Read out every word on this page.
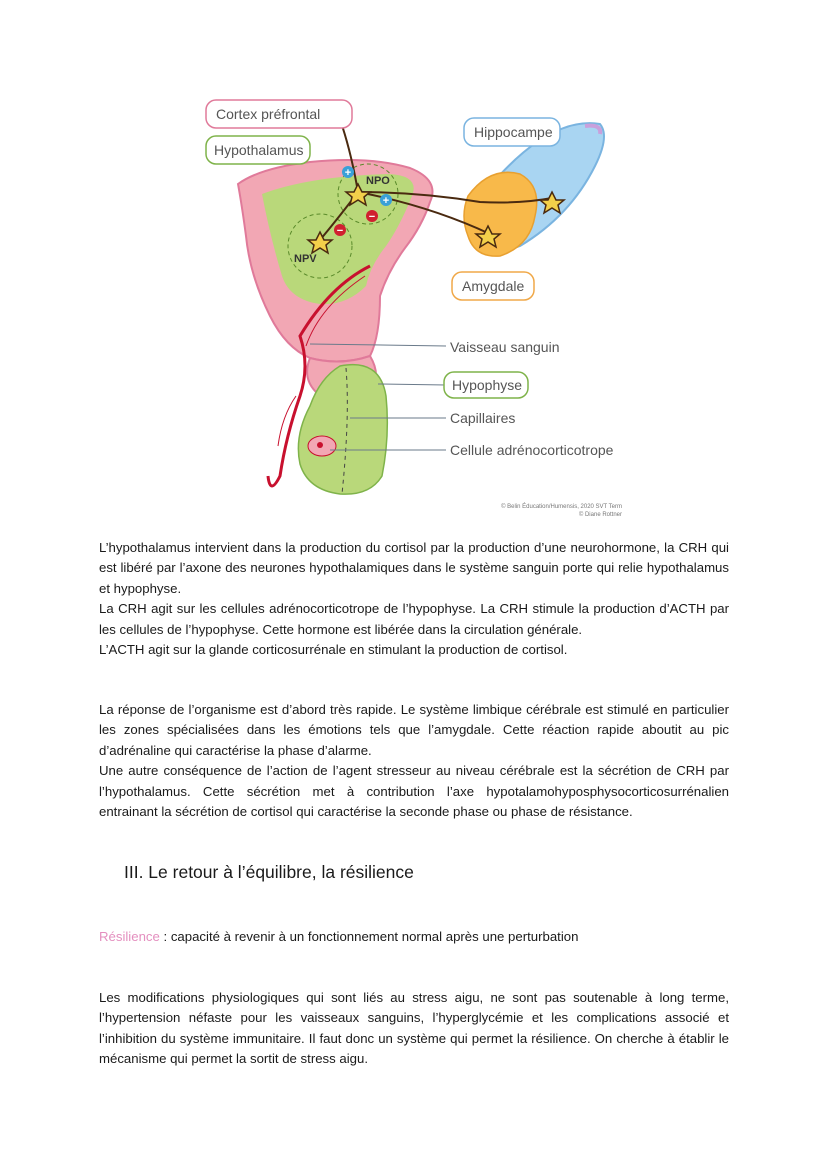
+
+
−
−
NPO
NPV
Cortex préfrontal
Hypothalamus
Hippocampe
Amygdale
Vaisseau sanguin
Hypophyse
Capillaires
Cellule adrénocorticotrope
© Belin Éducation/Humensis, 2020 SVT Term
© Diane Rottner

L’hypothalamus intervient dans la production du cortisol par la production d’une neurohormone, la CRH qui est libéré par l’axone des neurones hypothalamiques dans le système sanguin porte qui relie hypothalamus et hypophyse.

La CRH agit sur les cellules adrénocorticotrope de l’hypophyse. La CRH stimule la production d’ACTH par les cellules de l’hypophyse. Cette hormone est libérée dans la circulation générale.

L’ACTH agit sur la glande corticosurrénale en stimulant la production de cortisol.

La réponse de l’organisme est d’abord très rapide. Le système limbique cérébrale est stimulé en particulier les zones spécialisées dans les émotions tels que l’amygdale. Cette réaction rapide aboutit au pic d’adrénaline qui caractérise la phase d’alarme.

Une autre conséquence de l’action de l’agent stresseur au niveau cérébrale est la sécrétion de CRH par l’hypothalamus. Cette sécrétion met à contribution l’axe hypotalamohyposphysocorticosurrénalien entrainant la sécrétion de cortisol qui caractérise la seconde phase ou phase de résistance.

III. Le retour à l’équilibre, la résilience
Résilience : capacité à revenir à un fonctionnement normal après une perturbation

Les modifications physiologiques qui sont liés au stress aigu, ne sont pas soutenable à long terme, l’hypertension néfaste pour les vaisseaux sanguins, l’hyperglycémie et les complications associé et l’inhibition du système immunitaire. Il faut donc un système qui permet la résilience. On cherche à établir le mécanisme qui permet la sortit de stress aigu.
